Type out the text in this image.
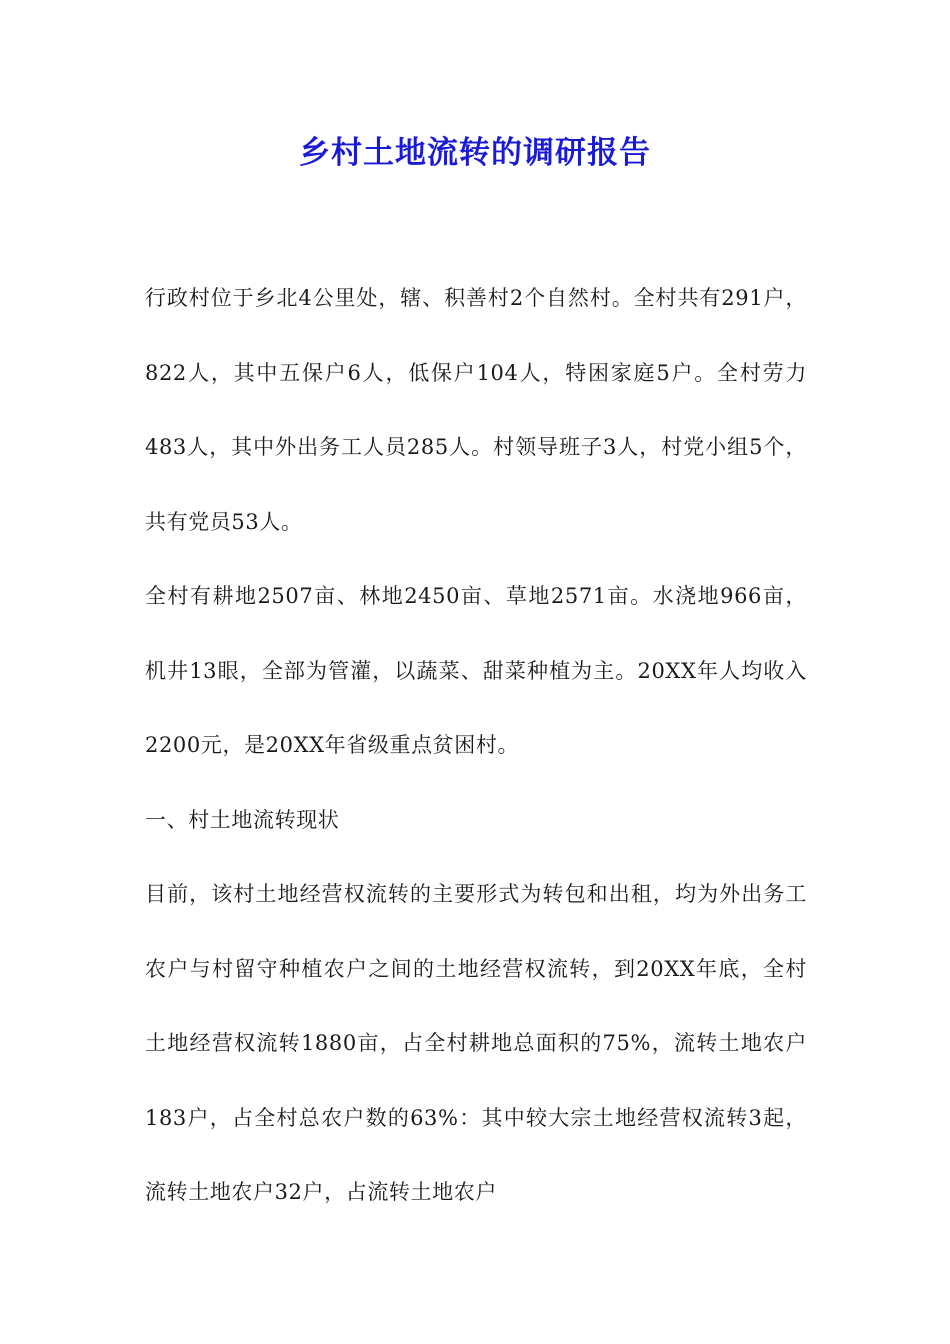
乡村土地流转的调研报告

行政村位于乡北4公里处，辖、积善村2个自然村。全村共有291户，822人，其中五保户6人，低保户104人，特困家庭5户。全村劳力483人，其中外出务工人员285人。村领导班子3人，村党小组5个，共有党员53人。

全村有耕地2507亩、林地2450亩、草地2571亩。水浇地966亩，机井13眼，全部为管灌，以蔬菜、甜菜种植为主。20XX年人均收入2200元，是20XX年省级重点贫困村。

一、村土地流转现状

目前，该村土地经营权流转的主要形式为转包和出租，均为外出务工农户与村留守种植农户之间的土地经营权流转，到20XX年底，全村土地经营权流转1880亩，占全村耕地总面积的75%，流转土地农户183户，占全村总农户数的63%：其中较大宗土地经营权流转3起，流转土地农户32户，占流转土地农户
